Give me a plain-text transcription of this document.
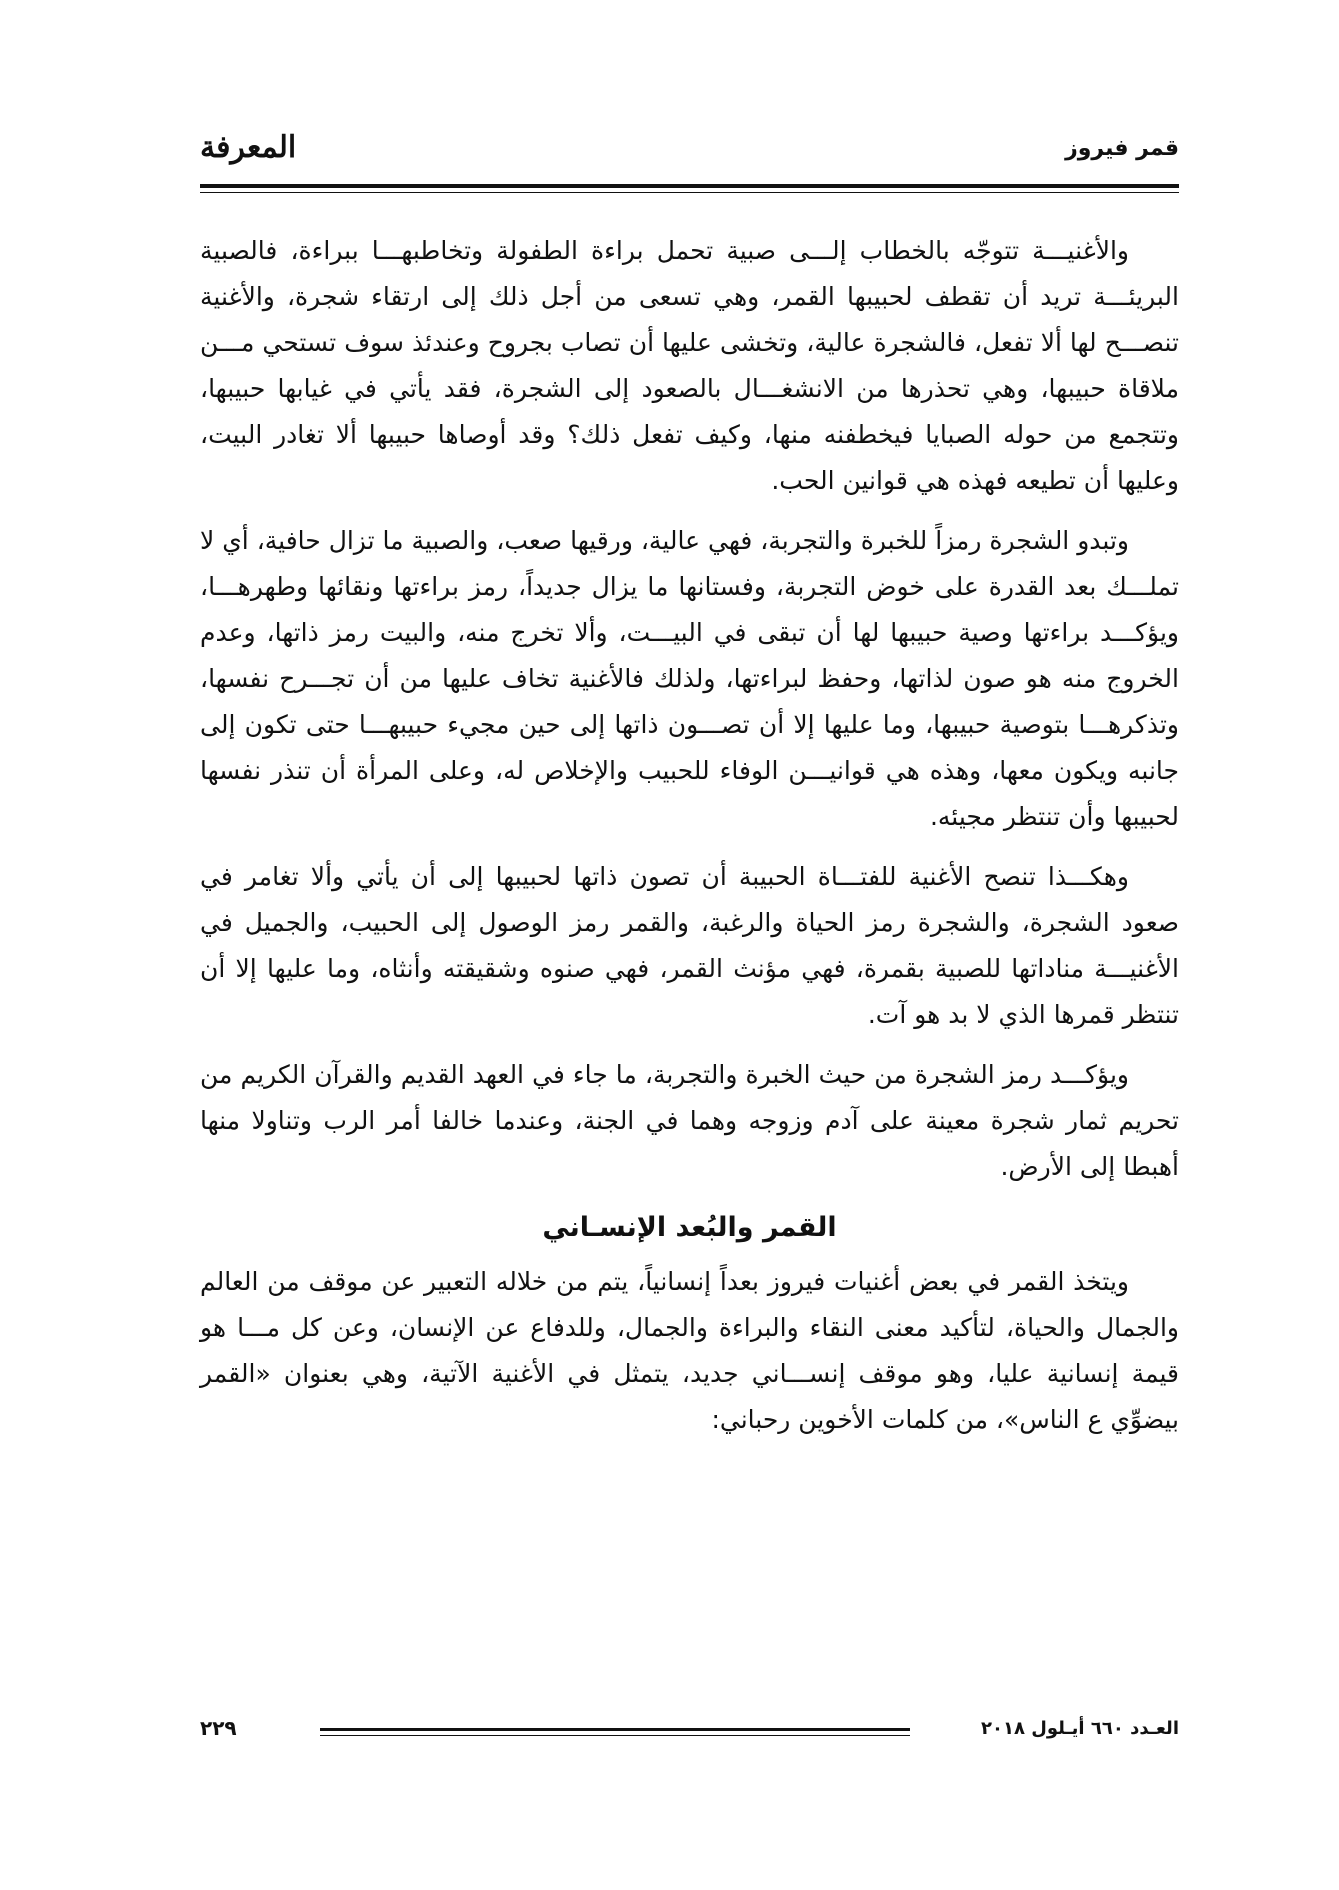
المعرفة	قمر فيروز

والأغنيـــة تتوجّه بالخطاب إلـــى صبية تحمل براءة الطفولة وتخاطبهـــا ببراءة، فالصبية البريئـــة تريد أن تقطف لحبيبها القمر، وهي تسعى من أجل ذلك إلى ارتقاء شجرة، والأغنية تنصـــح لها ألا تفعل، فالشجرة عالية، وتخشى عليها أن تصاب بجروح وعندئذ سوف تستحي مـــن ملاقاة حبيبها، وهي تحذرها من الانشغـــال بالصعود إلى الشجرة، فقد يأتي في غيابها حبيبها، وتتجمع من حوله الصبايا فيخطفنه منها، وكيف تفعل ذلك؟ وقد أوصاها حبيبها ألا تغادر البيت، وعليها أن تطيعه فهذه هي قوانين الحب.

وتبدو الشجرة رمزاً للخبرة والتجربة، فهي عالية، ورقيها صعب، والصبية ما تزال حافية، أي لا تملـــك بعد القدرة على خوض التجربة، وفستانها ما يزال جديداً، رمز براءتها ونقائها وطهرهـــا، ويؤكـــد براءتها وصية حبيبها لها أن تبقى في البيـــت، وألا تخرج منه، والبيت رمز ذاتها، وعدم الخروج منه هو صون لذاتها، وحفظ لبراءتها، ولذلك فالأغنية تخاف عليها من أن تجـــرح نفسها، وتذكرهـــا بتوصية حبيبها، وما عليها إلا أن تصـــون ذاتها إلى حين مجيء حبيبهـــا حتى تكون إلى جانبه ويكون معها، وهذه هي قوانيـــن الوفاء للحبيب والإخلاص له، وعلى المرأة أن تنذر نفسها لحبيبها وأن تنتظر مجيئه.

وهكـــذا تنصح الأغنية للفتـــاة الحبيبة أن تصون ذاتها لحبيبها إلى أن يأتي وألا تغامر في صعود الشجرة، والشجرة رمز الحياة والرغبة، والقمر رمز الوصول إلى الحبيب، والجميل في الأغنيـــة مناداتها للصبية بقمرة، فهي مؤنث القمر، فهي صنوه وشقيقته وأنثاه، وما عليها إلا أن تنتظر قمرها الذي لا بد هو آت.

ويؤكـــد رمز الشجرة من حيث الخبرة والتجربة، ما جاء في العهد القديم والقرآن الكريم من تحريم ثمار شجرة معينة على آدم وزوجه وهما في الجنة، وعندما خالفا أمر الرب وتناولا منها أهبطا إلى الأرض.

القمر والبُعد الإنسـاني

ويتخذ القمر في بعض أغنيات فيروز بعداً إنسانياً، يتم من خلاله التعبير عن موقف من العالم والجمال والحياة، لتأكيد معنى النقاء والبراءة والجمال، وللدفاع عن الإنسان، وعن كل مـــا هو قيمة إنسانية عليا، وهو موقف إنســـاني جديد، يتمثل في الأغنية الآتية، وهي بعنوان «القمر بيضوِّي ع الناس»، من كلمات الأخوين رحباني:

العـدد ٦٦٠ أيـلول ٢٠١٨
٢٢٩
